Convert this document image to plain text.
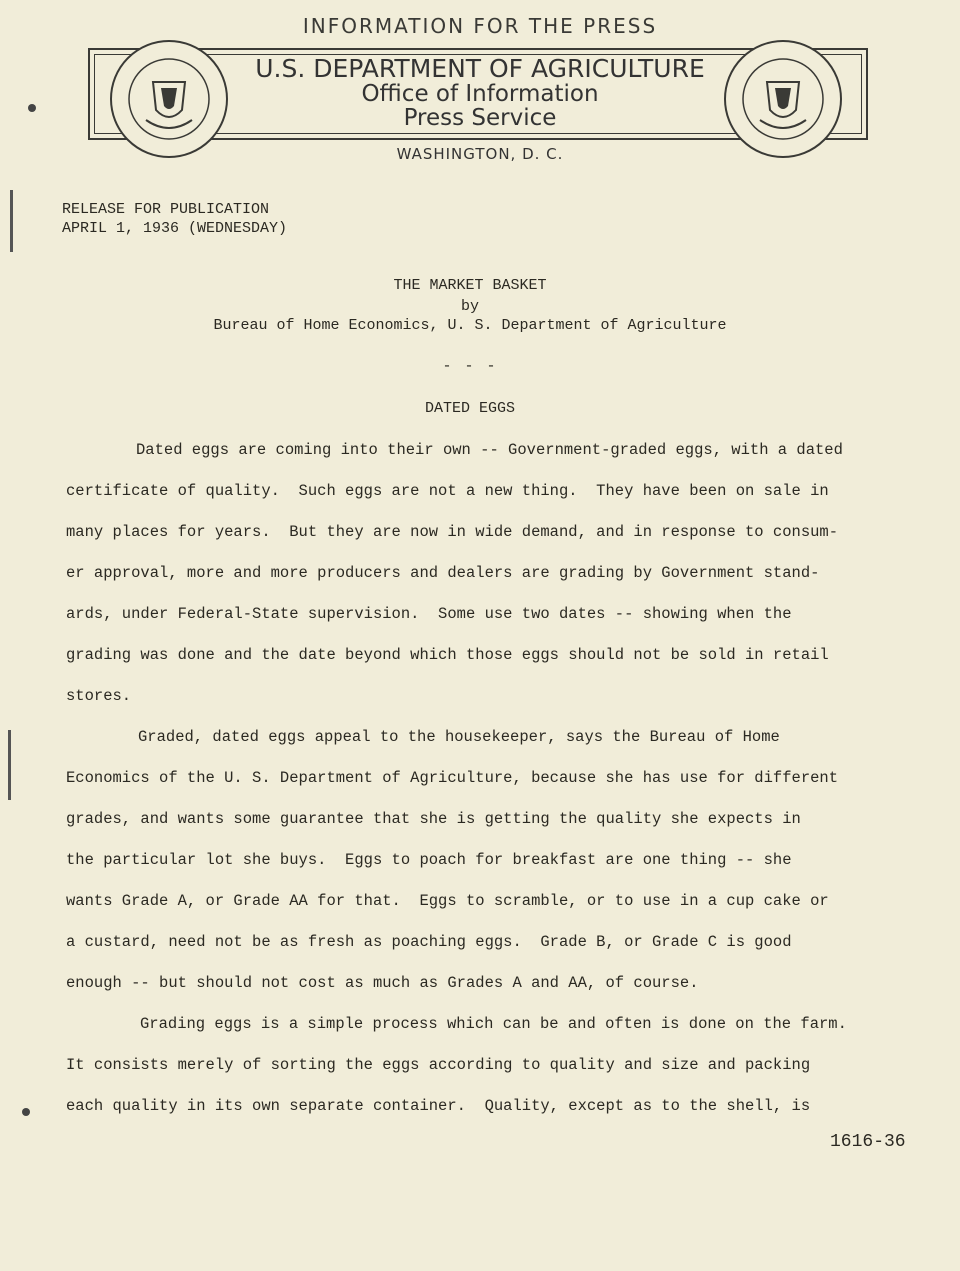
INFORMATION FOR THE PRESS
U.S. DEPARTMENT OF AGRICULTURE
Office of Information
Press Service
WASHINGTON, D. C.
RELEASE FOR PUBLICATION
APRIL 1, 1936 (WEDNESDAY)
THE MARKET BASKET
by
Bureau of Home Economics, U. S. Department of Agriculture
- - -
DATED EGGS
Dated eggs are coming into their own -- Government-graded eggs, with a dated
certificate of quality.  Such eggs are not a new thing.  They have been on sale in
many places for years.  But they are now in wide demand, and in response to consum-
er approval, more and more producers and dealers are grading by Government stand-
ards, under Federal-State supervision.  Some use two dates -- showing when the
grading was done and the date beyond which those eggs should not be sold in retail
stores.
Graded, dated eggs appeal to the housekeeper, says the Bureau of Home
Economics of the U. S. Department of Agriculture, because she has use for different
grades, and wants some guarantee that she is getting the quality she expects in
the particular lot she buys.  Eggs to poach for breakfast are one thing -- she
wants Grade A, or Grade AA for that.  Eggs to scramble, or to use in a cup cake or
a custard, need not be as fresh as poaching eggs.  Grade B, or Grade C is good
enough -- but should not cost as much as Grades A and AA, of course.
Grading eggs is a simple process which can be and often is done on the farm.
It consists merely of sorting the eggs according to quality and size and packing
each quality in its own separate container.  Quality, except as to the shell, is
1616-36
